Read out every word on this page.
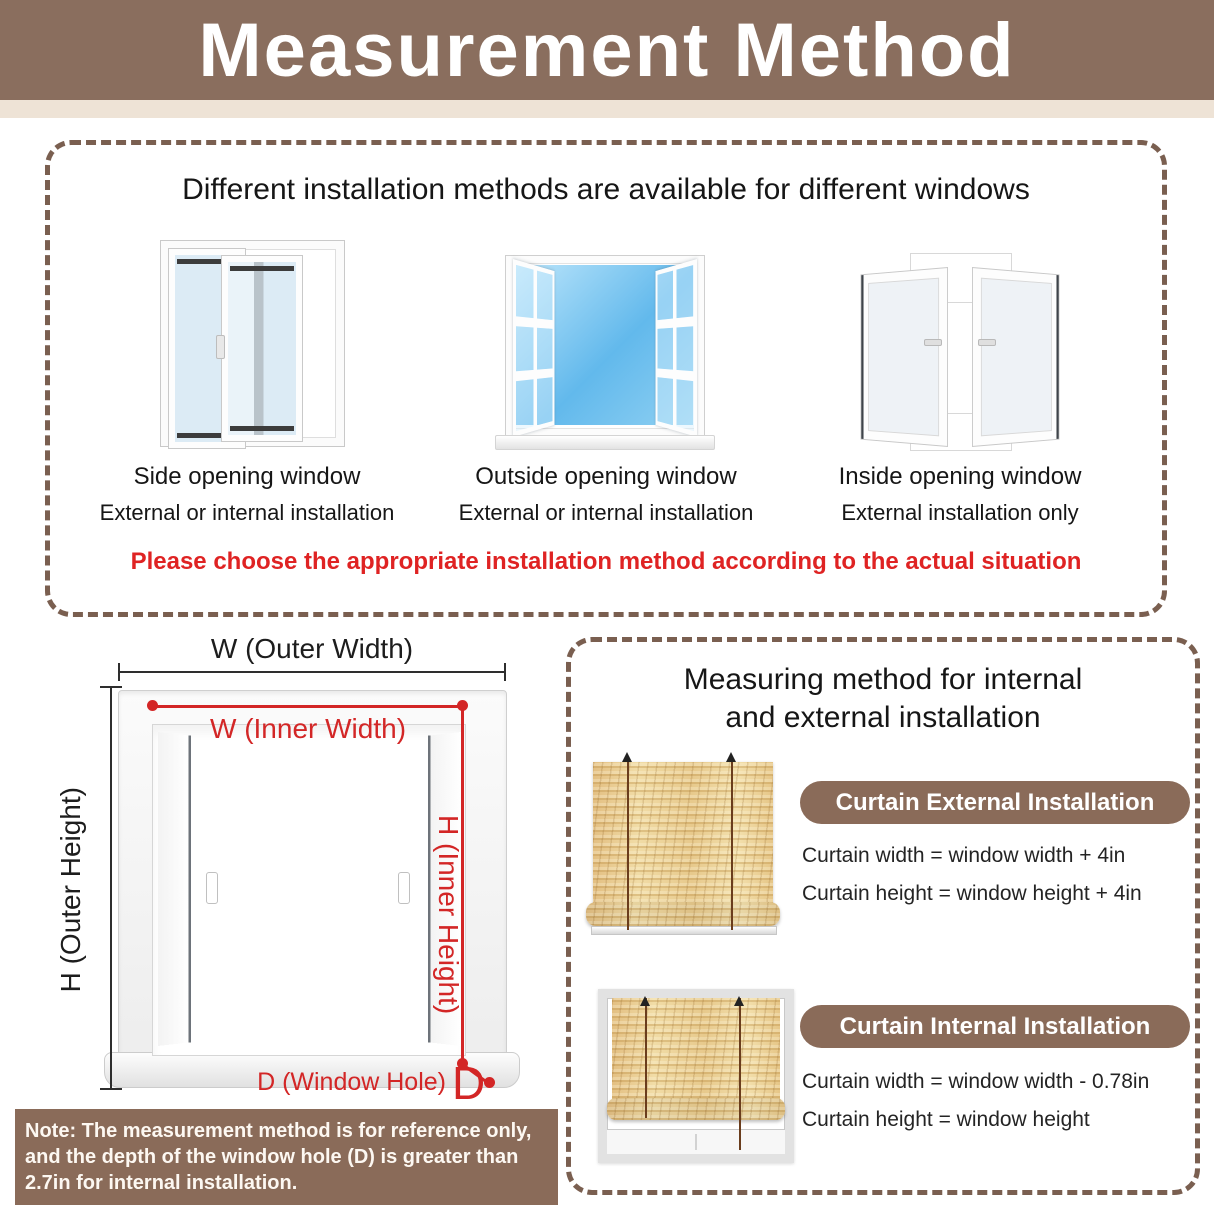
Measurement Method
Different installation methods are available for different windows
Side opening window
External or internal installation
Outside opening window
External or internal installation
Inside opening window
External installation only
Please choose the appropriate installation method according to the actual situation
W (Outer Width)
H (Outer Height)
W (Inner Width)
H (Inner Height)
D (Window Hole) D
Note: The measurement method is for reference only, and the depth of the window hole (D) is greater than 2.7in for internal installation.
Measuring method for internal
and external installation
Curtain External Installation
Curtain width = window width + 4in
Curtain height = window height + 4in
Curtain Internal Installation
Curtain width = window width - 0.78in
Curtain height = window height
